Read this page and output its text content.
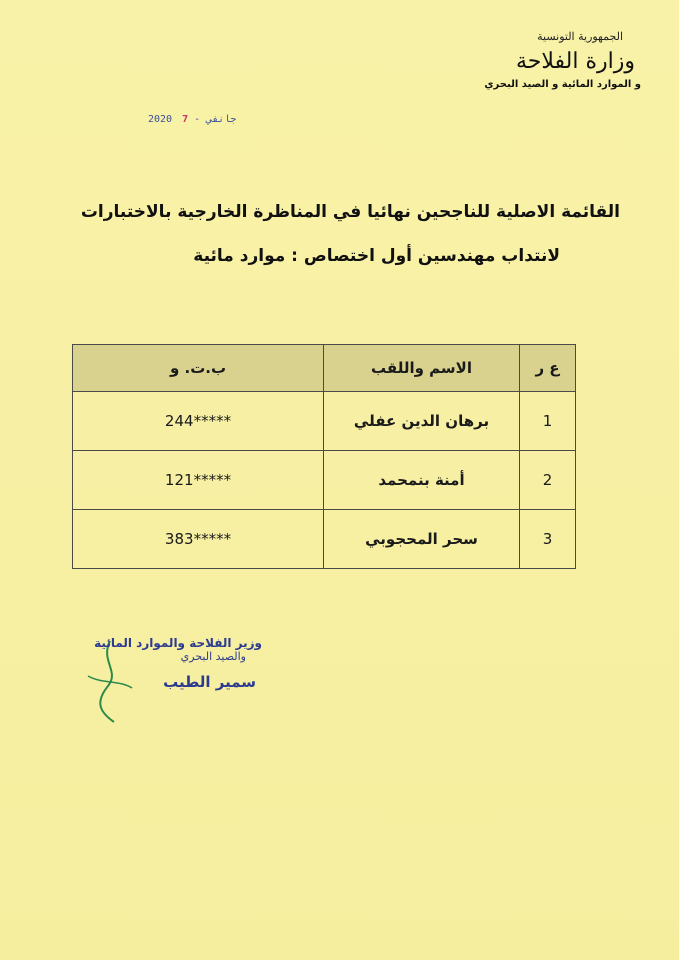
الجمهورية التونسية
وزارة الفلاحة
و الموارد المائية و الصيد البحري
2020	جانفي - 7
القائمة الاصلية للناجحين نهائيا في المناظرة الخارجية بالاختبارات
لانتداب مهندسين أول اختصاص : موارد مائية
ع ر	الاسم واللقب	ب.ت. و
1	برهان الدين عفلي	*****244
2	أمنة بنمحمد	*****121
3	سحر المحجوبي	*****383
وزير الفلاحة والموارد المائية
والصيد البحري
سمير الطيب
